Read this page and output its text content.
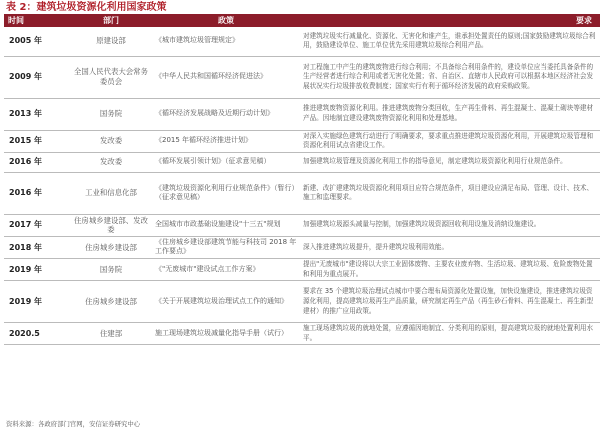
表 2：建筑垃圾资源化利用国家政策
时间	部门	政策	要求
2005 年	原建设部	《城市建筑垃圾管理规定》	对建筑垃圾实行减量化、资源化、无害化和谁产生，谁承担处置责任的原则;国家鼓励建筑垃圾综合利用，鼓励建设单位、施工单位优先采用建筑垃圾综合利用产品。
2009 年	全国人民代表大会常务委员会	《中华人民共和国循环经济促进法》	对工程施工中产生的建筑废物进行综合利用；不具备综合利用条件的，建设单位应当委托具备条件的生产经营者进行综合利用或者无害化处置；省、自治区、直辖市人民政府可以根据本地区经济社会发展状况实行垃圾排放收费制度；国家实行有利于循环经济发展的政府采购政策。
2013 年	国务院	《循环经济发展战略及近期行动计划》	推进建筑废物资源化利用。推进建筑废物分类回收，生产再生骨料、再生混凝土、混凝土砌块等建材产品。因地制宜建设建筑废物资源化利用和处理基地。
2015 年	发改委	《2015 年循环经济推进计划》	对深入实施绿色建筑行动进行了明确要求，要求重点推进建筑垃圾资源化利用，开展建筑垃圾管理和资源化利用试点省建设工作。
2016 年	发改委	《循环发展引领计划》（征求意见稿）	加强建筑垃圾管理及资源化利用工作的指导意见，制定建筑垃圾资源化利用行业规范条件。
2016 年	工业和信息化部	《建筑垃圾资源化利用行业规范条件》（暂行）（征求意见稿）	新建、改扩建建筑垃圾资源化利用项目应符合规范条件，项目建设应满足布局、管理、设计、技术、施工和监理要求。
2017 年	住房城乡建设部、发改委	全国城市市政基础设施建设"十三五"规划	加强建筑垃圾源头减量与控制，加强建筑垃圾资源回收利用设施及消纳设施建设。
2018 年	住房城乡建设部	《住房城乡建设部建筑节能与科技司 2018 年工作要点》	深入推进建筑垃圾提升，提升建筑垃圾利用效能。
2019 年	国务院	《"无废城市"建设试点工作方案》	提出"无废城市"建设将以大宗工业固体废物、主要农业废弃物、生活垃圾、建筑垃圾、危险废物处置和利用为重点展开。
2019 年	住房城乡建设部	《关于开展建筑垃圾治理试点工作的通知》	要求在 35 个建筑垃圾治理试点城市中要合理布局资源化处置设施，加快设施建设，推进建筑垃圾资源化利用，提高建筑垃圾再生产品质量，研究制定再生产品（再生砂石骨料、再生混凝土、再生新型建材）的推广应用政策。
2020.5	住建部	施工现场建筑垃圾减量化指导手册（试行）	施工现场建筑垃圾的就地处置，应遵循因地制宜、分类利用的原则，提高建筑垃圾的就地处置利用水平。
资料来源：各政府部门官网，安信证券研究中心
